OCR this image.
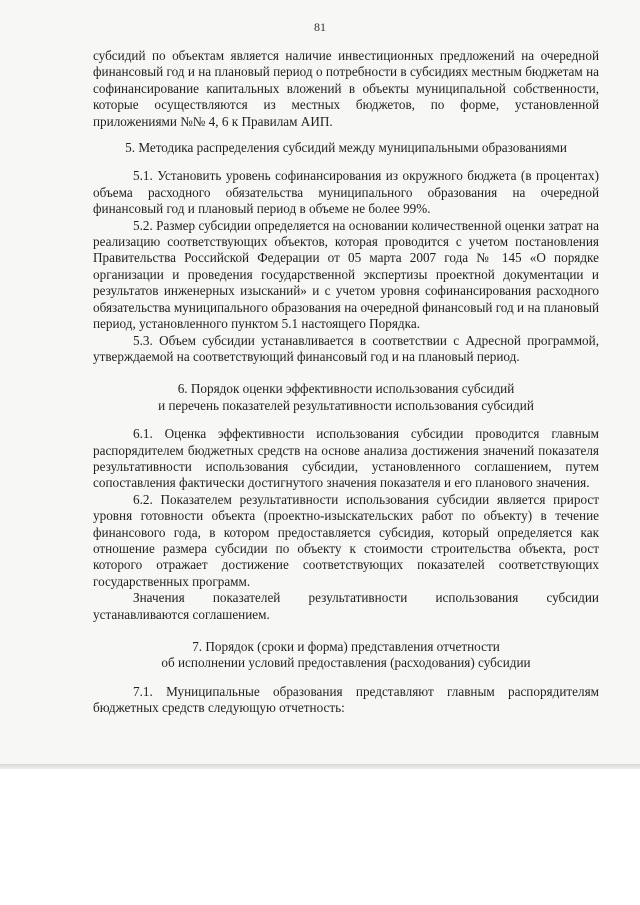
81

субсидий по объектам является наличие инвестиционных предложений на очередной финансовый год и на плановый период о потребности в субсидиях местным бюджетам на софинансирование капитальных вложений в объекты муниципальной собственности, которые осуществляются из местных бюджетов, по форме, установленной приложениями №№ 4, 6 к Правилам АИП.

5. Методика распределения субсидий между муниципальными образованиями

5.1. Установить уровень софинансирования из окружного бюджета (в процентах) объема расходного обязательства муниципального образования на очередной финансовый год и плановый период в объеме не более 99%.

5.2. Размер субсидии определяется на основании количественной оценки затрат на реализацию соответствующих объектов, которая проводится с учетом постановления Правительства Российской Федерации от 05 марта 2007 года № 145 «О порядке организации и проведения государственной экспертизы проектной документации и результатов инженерных изысканий» и с учетом уровня софинансирования расходного обязательства муниципального образования на очередной финансовый год и на плановый период, установленного пунктом 5.1 настоящего Порядка.

5.3. Объем субсидии устанавливается в соответствии с Адресной программой, утверждаемой на соответствующий финансовый год и на плановый период.

6. Порядок оценки эффективности использования субсидий
и перечень показателей результативности использования субсидий

6.1. Оценка эффективности использования субсидии проводится главным распорядителем бюджетных средств на основе анализа достижения значений показателя результативности использования субсидии, установленного соглашением, путем сопоставления фактически достигнутого значения показателя и его планового значения.

6.2. Показателем результативности использования субсидии является прирост уровня готовности объекта (проектно-изыскательских работ по объекту) в течение финансового года, в котором предоставляется субсидия, который определяется как отношение размера субсидии по объекту к стоимости строительства объекта, рост которого отражает достижение соответствующих показателей соответствующих государственных программ.

Значения показателей результативности использования субсидии устанавливаются соглашением.

7. Порядок (сроки и форма) представления отчетности
об исполнении условий предоставления (расходования) субсидии

7.1. Муниципальные образования представляют главным распорядителям бюджетных средств следующую отчетность:
